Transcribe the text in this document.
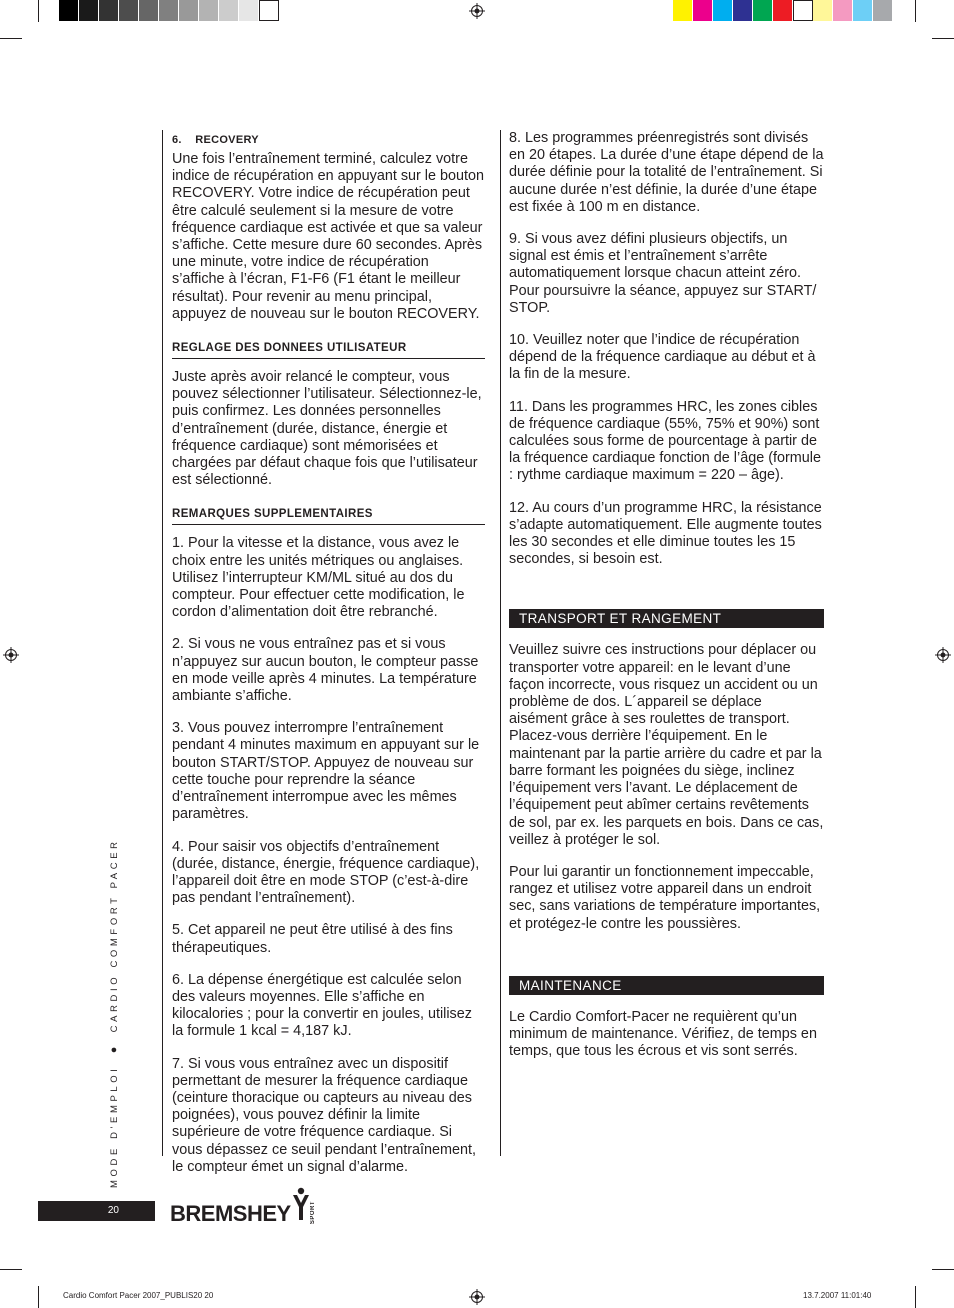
6.    RECOVERY

Une fois l’entraînement terminé, calculez votre indice de récupération en appuyant sur le bouton RECOVERY. Votre indice de récupération peut être calculé seulement si la mesure de votre fréquence cardiaque est activée et que sa valeur s’affiche. Cette mesure dure 60 secondes. Après une minute, votre indice de récupération s’affiche à l’écran, F1-F6 (F1 étant le meilleur résultat). Pour revenir au menu principal, appuyez de nouveau sur le bouton RECOVERY.

REGLAGE DES DONNEES UTILISATEUR

Juste après avoir relancé le compteur, vous pouvez sélectionner l’utilisateur. Sélectionnez-le, puis confirmez. Les données personnelles d’entraînement (durée, distance, énergie et fréquence cardiaque) sont mémorisées et chargées par défaut chaque fois que l’utilisateur est sélectionné.

REMARQUES SUPPLEMENTAIRES

1. Pour la vitesse et la distance, vous avez le choix entre les unités métriques ou anglaises. Utilisez l’interrupteur KM/ML situé au dos du compteur. Pour effectuer cette modification, le cordon d’alimentation doit être rebranché.

2. Si vous ne vous entraînez pas et si vous n’appuyez sur aucun bouton, le compteur passe en mode veille après 4 minutes. La température ambiante s’affiche.

3. Vous pouvez interrompre l’entraînement pendant 4 minutes maximum en appuyant sur le bouton START/STOP. Appuyez de nouveau sur cette touche pour reprendre la séance d’entraînement interrompue avec les mêmes paramètres.

4. Pour saisir vos objectifs d’entraînement (durée, distance, énergie, fréquence cardiaque), l’appareil doit être en mode STOP (c’est-à-dire pas pendant l’entraînement).

5. Cet appareil ne peut être utilisé à des fins thérapeutiques.

6. La dépense énergétique est calculée selon des valeurs moyennes. Elle s’affiche en kilocalories ; pour la convertir en joules, utilisez la formule 1 kcal = 4,187 kJ.

7. Si vous vous entraînez avec un dispositif permettant de mesurer la fréquence cardiaque (ceinture thoracique ou capteurs au niveau des poignées), vous pouvez définir la limite supérieure de votre fréquence cardiaque. Si vous dépassez ce seuil pendant l’entraînement, le compteur émet un signal d’alarme.

8. Les programmes préenregistrés sont divisés en 20 étapes. La durée d’une étape dépend de la durée définie pour la totalité de l’entraînement. Si aucune durée n’est définie, la durée d’une étape est fixée à 100 m en distance.

9. Si vous avez défini plusieurs objectifs, un signal est émis et l’entraînement s’arrête automatiquement lorsque chacun atteint zéro. Pour poursuivre la séance, appuyez sur START/ STOP.

10. Veuillez noter que l’indice de récupération dépend de la fréquence cardiaque au début et à la fin de la mesure.

11. Dans les programmes HRC, les zones cibles de fréquence cardiaque (55%, 75% et 90%) sont calculées sous forme de pourcentage à partir de la fréquence cardiaque fonction de l’âge (formule : rythme cardiaque maximum = 220 – âge).

12. Au cours d’un programme HRC, la résistance s’adapte automatiquement. Elle augmente toutes les 30 secondes et elle diminue toutes les 15 secondes, si besoin est.

TRANSPORT ET RANGEMENT

Veuillez suivre ces instructions pour déplacer ou transporter votre appareil: en le levant d’une façon incorrecte, vous risquez un accident ou un problème de dos. L´appareil se déplace aisément grâce à ses roulettes de transport. Placez-vous derrière l’équipement. En le maintenant par la partie arrière du cadre et par la barre formant les poignées du siège, inclinez l’équipement vers l’avant. Le déplacement de l’équipement peut abîmer certains revêtements de sol, par ex. les parquets en bois. Dans ce cas, veillez à protéger le sol.

Pour lui garantir un fonctionnement impeccable, rangez et utilisez votre appareil dans un endroit sec, sans variations de température importantes, et protégez-le contre les poussières.

MAINTENANCE

Le Cardio Comfort-Pacer ne requièrent qu’un minimum de maintenance. Vérifiez, de temps en temps, que tous les écrous et vis sont serrés.

MODE D'EMPLOI ● CARDIO COMFORT PACER
20	BREMSHEY	SPORT
Cardio Comfort Pacer 2007_PUBLIS20 20	13.7.2007 11:01:40
